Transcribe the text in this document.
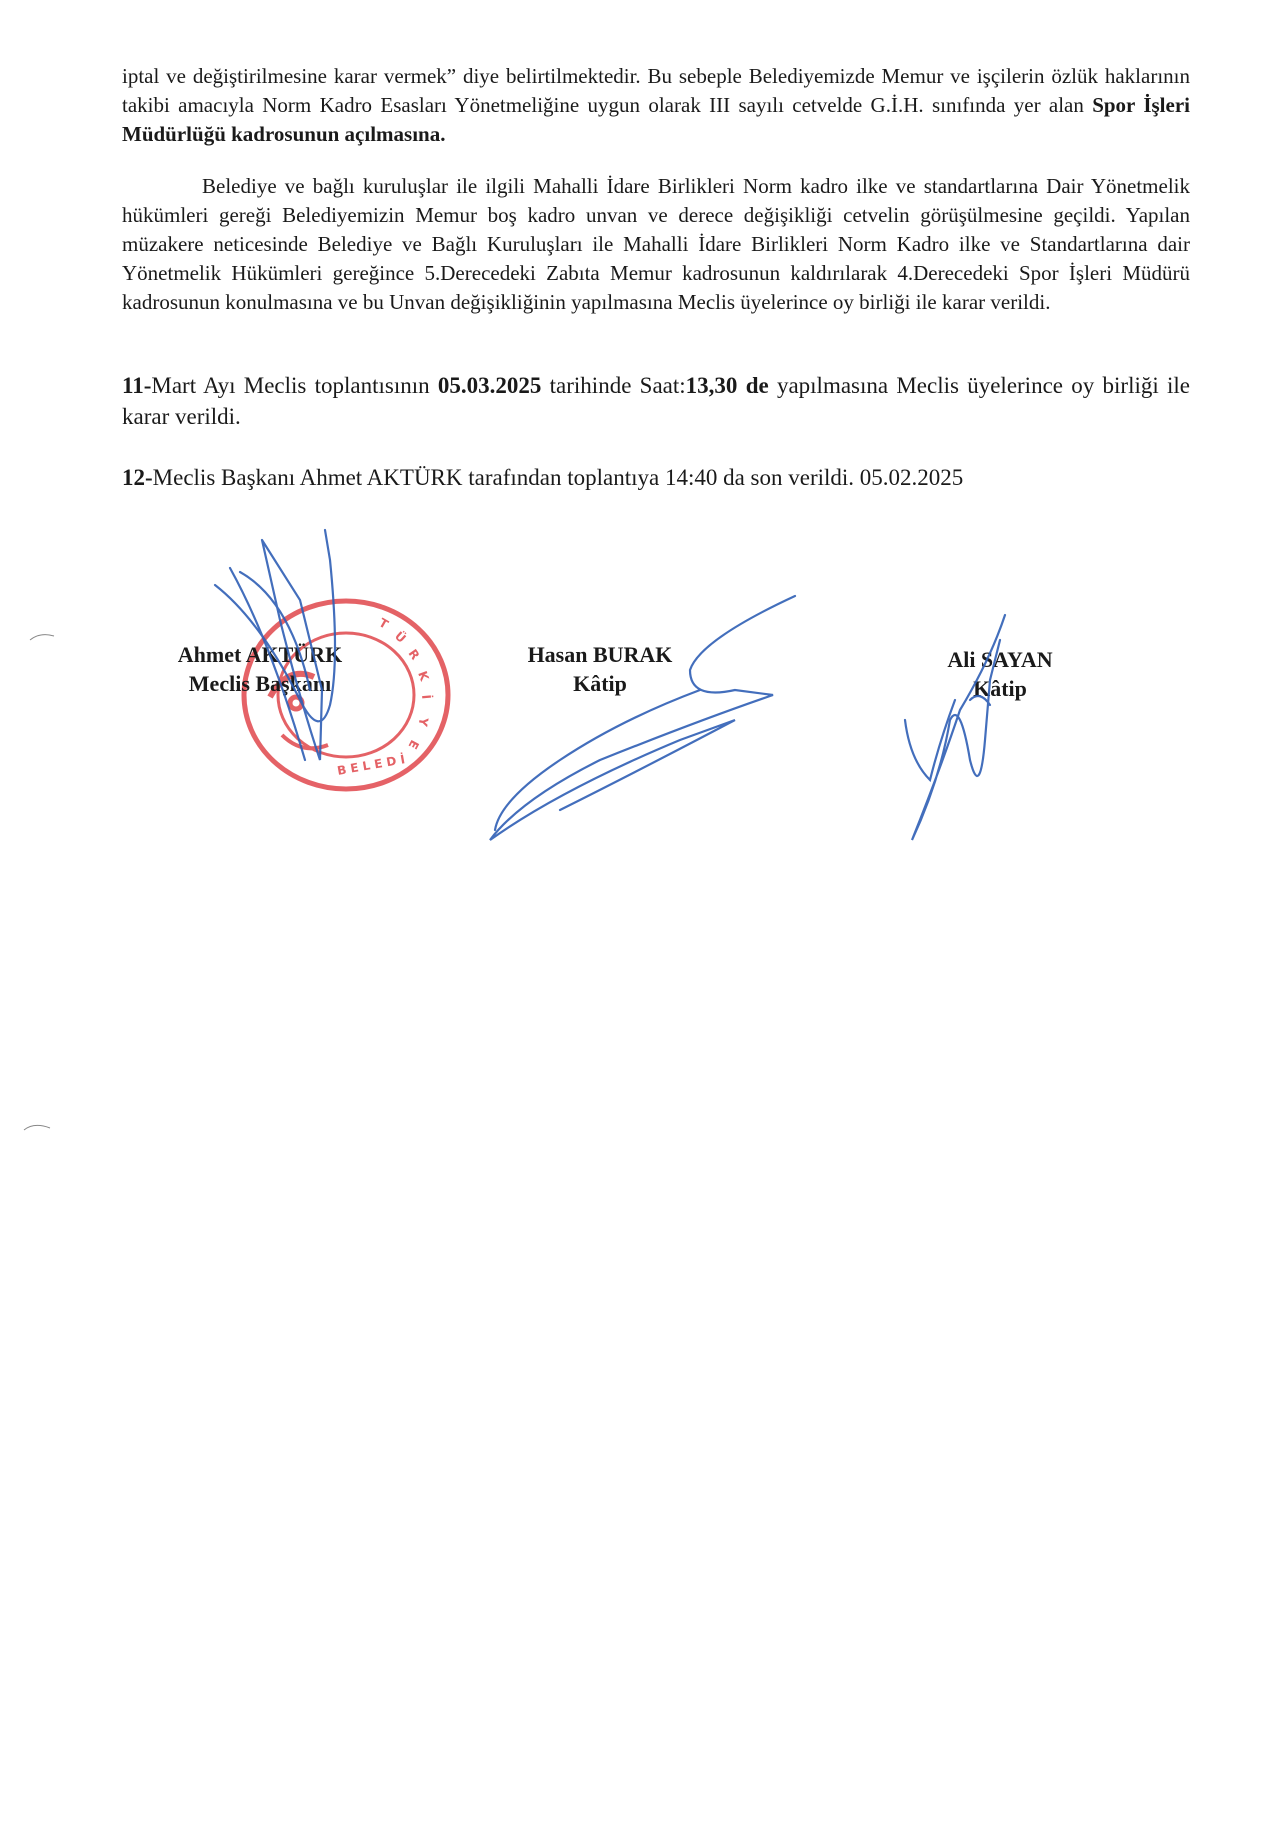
iptal ve değiştirilmesine karar vermek” diye belirtilmektedir. Bu sebeple Belediyemizde Memur ve işçilerin özlük haklarının takibi amacıyla Norm Kadro Esasları Yönetmeliğine uygun olarak III sayılı cetvelde G.İ.H. sınıfında yer alan Spor İşleri Müdürlüğü kadrosunun açılmasına.

Belediye ve bağlı kuruluşlar ile ilgili Mahalli İdare Birlikleri Norm kadro ilke ve standartlarına Dair Yönetmelik hükümleri gereği Belediyemizin Memur boş kadro unvan ve derece değişikliği cetvelin görüşülmesine geçildi. Yapılan müzakere neticesinde Belediye ve Bağlı Kuruluşları ile Mahalli İdare Birlikleri Norm Kadro ilke ve Standartlarına dair Yönetmelik Hükümleri gereğince 5.Derecedeki Zabıta Memur kadrosunun kaldırılarak 4.Derecedeki Spor İşleri Müdürü kadrosunun konulmasına ve bu Unvan değişikliğinin yapılmasına Meclis üyelerince oy birliği ile karar verildi.

11-Mart Ayı Meclis toplantısının 05.03.2025 tarihinde Saat:13,30 de yapılmasına Meclis üyelerince oy birliği ile karar verildi.

12-Meclis Başkanı Ahmet AKTÜRK tarafından toplantıya 14:40 da son verildi. 05.02.2025

T
Ü
R
K
İ
Y
E
B E L E D İ
Ahmet AKTÜRK
Meclis Başkanı
Hasan BURAK
Kâtip
Ali SAYAN
Kâtip
